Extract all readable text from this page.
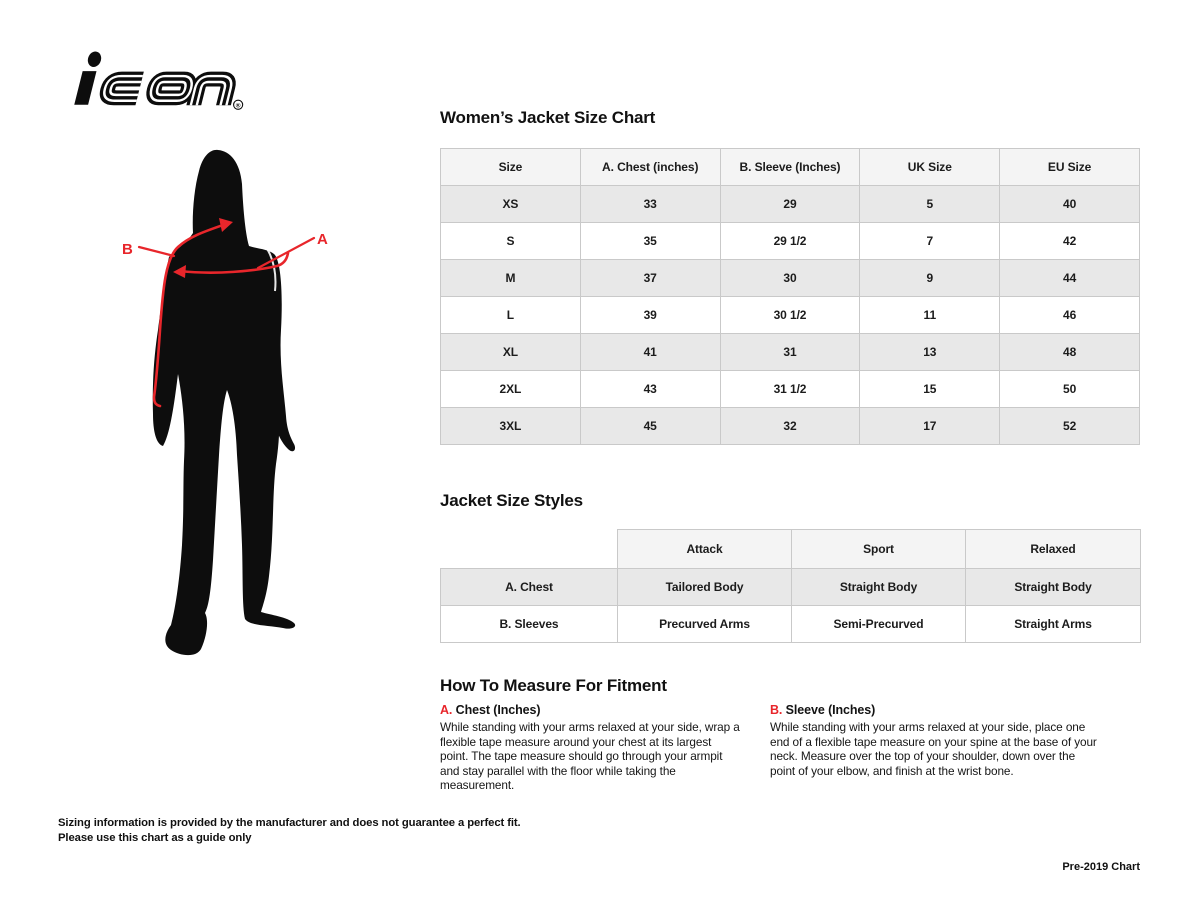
®
B
A
Women’s Jacket Size Chart
Size	A. Chest (inches)	B. Sleeve (Inches)	UK Size	EU Size
XS	33	29	5	40
S	35	29 1/2	7	42
M	37	30	9	44
L	39	30 1/2	11	46
XL	41	31	13	48
2XL	43	31 1/2	15	50
3XL	45	32	17	52
Jacket Size Styles
	Attack	Sport	Relaxed
A. Chest	Tailored Body	Straight Body	Straight Body
B. Sleeves	Precurved Arms	Semi-Precurved	Straight Arms
How To Measure For Fitment
A. Chest (Inches)

While standing with your arms relaxed at your side, wrap a flexible tape measure around your chest at its largest point. The tape measure should go through your armpit and stay parallel with the floor while taking the measurement.

B. Sleeve (Inches)

While standing with your arms relaxed at your side, place one end of a flexible tape measure on your spine at the base of your neck. Measure over the top of your shoulder, down over the point of your elbow, and finish at the wrist bone.

Sizing information is provided by the manufacturer and does not guarantee a perfect fit.
Please use this chart as a guide only
Pre-2019 Chart
